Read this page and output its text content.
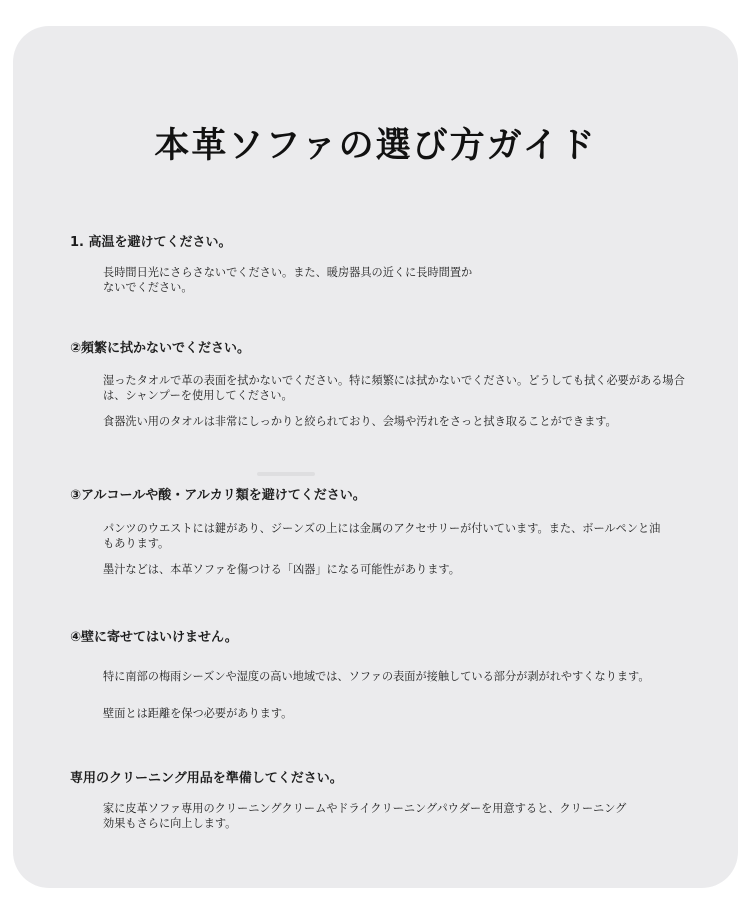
本革ソファの選び方ガイド

1. 高温を避けてください。

長時間日光にさらさないでください。また、暖房器具の近くに長時間置かないでください。

②頻繁に拭かないでください。

湿ったタオルで革の表面を拭かないでください。特に頻繁には拭かないでください。どうしても拭く必要がある場合は、シャンプーを使用してください。

食器洗い用のタオルは非常にしっかりと絞られており、会場や汚れをさっと拭き取ることができます。

③アルコールや酸・アルカリ類を避けてください。

パンツのウエストには鍵があり、ジーンズの上には金属のアクセサリーが付いています。また、ボールペンと油もあります。

墨汁などは、本革ソファを傷つける「凶器」になる可能性があります。

④壁に寄せてはいけません。

特に南部の梅雨シーズンや湿度の高い地域では、ソファの表面が接触している部分が剥がれやすくなります。

壁面とは距離を保つ必要があります。

専用のクリーニング用品を準備してください。

家に皮革ソファ専用のクリーニングクリームやドライクリーニングパウダーを用意すると、クリーニング効果もさらに向上します。
